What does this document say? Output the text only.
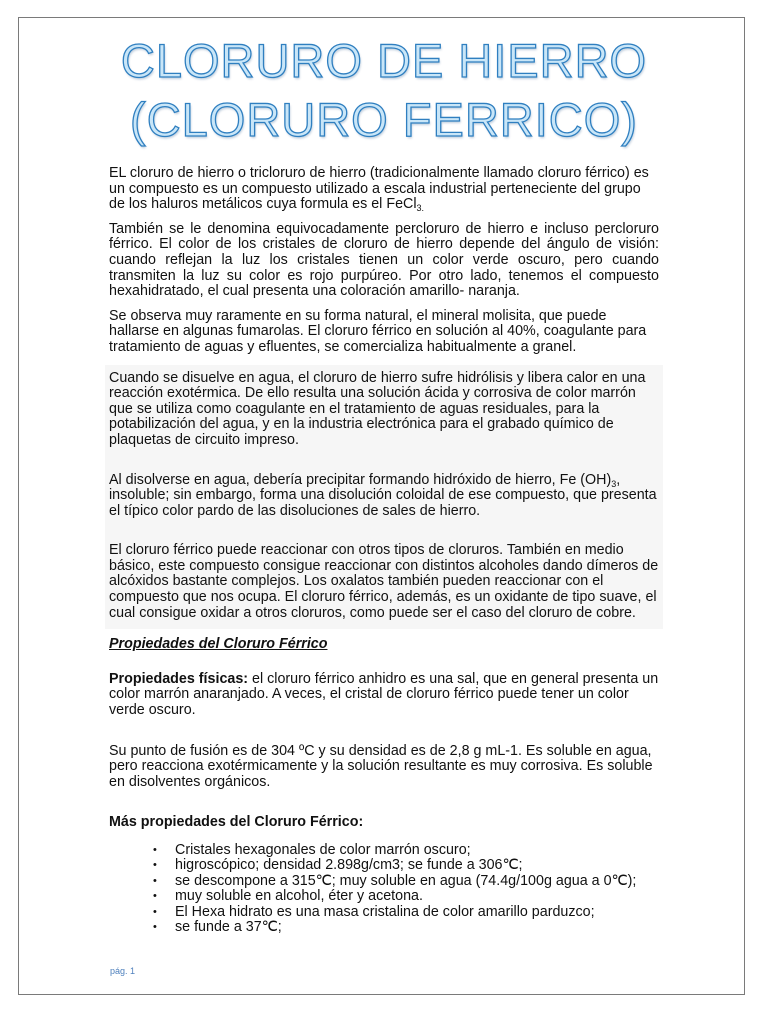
CLORURO DE HIERRO
(CLORURO FERRICO)

EL cloruro de hierro o tricloruro de hierro (tradicionalmente llamado cloruro férrico) es un compuesto es un compuesto utilizado a escala industrial perteneciente del grupo de los haluros metálicos cuya formula es el FeCl$_{3.}$

También se le denomina equivocadamente percloruro de hierro e incluso percloruro férrico. El color de los cristales de cloruro de hierro depende del ángulo de visión: cuando reflejan la luz los cristales tienen un color verde oscuro, pero cuando transmiten la luz su color es rojo purpúreo. Por otro lado, tenemos el compuesto hexahidratado, el cual presenta una coloración amarillo- naranja.

Se observa muy raramente en su forma natural, el mineral molisita, que puede hallarse en algunas fumarolas. El cloruro férrico en solución al 40%, coagulante para tratamiento de aguas y efluentes, se comercializa habitualmente a granel.

Cuando se disuelve en agua, el cloruro de hierro sufre hidrólisis y libera calor en una reacción exotérmica. De ello resulta una solución ácida y corrosiva de color marrón que se utiliza como coagulante en el tratamiento de aguas residuales, para la potabilización del agua, y en la industria electrónica para el grabado químico de plaquetas de circuito impreso.

Al disolverse en agua, debería precipitar formando hidróxido de hierro, Fe $(OH)_3$, insoluble; sin embargo, forma una disolución coloidal de ese compuesto, que presenta el típico color pardo de las disoluciones de sales de hierro.

El cloruro férrico puede reaccionar con otros tipos de cloruros. También en medio básico, este compuesto consigue reaccionar con distintos alcoholes dando dímeros de alcóxidos bastante complejos. Los oxalatos también pueden reaccionar con el compuesto que nos ocupa. El cloruro férrico, además, es un oxidante de tipo suave, el cual consigue oxidar a otros cloruros, como puede ser el caso del cloruro de cobre.

Propiedades del Cloruro Férrico

Propiedades físicas: el cloruro férrico anhidro es una sal, que en general presenta un color marrón anaranjado. A veces, el cristal de cloruro férrico puede tener un color verde oscuro.

Su punto de fusión es de 304 ºC y su densidad es de 2,8 g mL-1. Es soluble en agua, pero reacciona exotérmicamente y la solución resultante es muy corrosiva. Es soluble en disolventes orgánicos.

Más propiedades del Cloruro Férrico:

• Cristales hexagonales de color marrón oscuro;
• higroscópico; densidad 2.898g/cm3; se funde a 306℃;
• se descompone a 315℃; muy soluble en agua (74.4g/100g agua a 0℃);
• muy soluble en alcohol, éter y acetona.
• El Hexa hidrato es una masa cristalina de color amarillo parduzco;
• se funde a 37℃;
pág. 1
